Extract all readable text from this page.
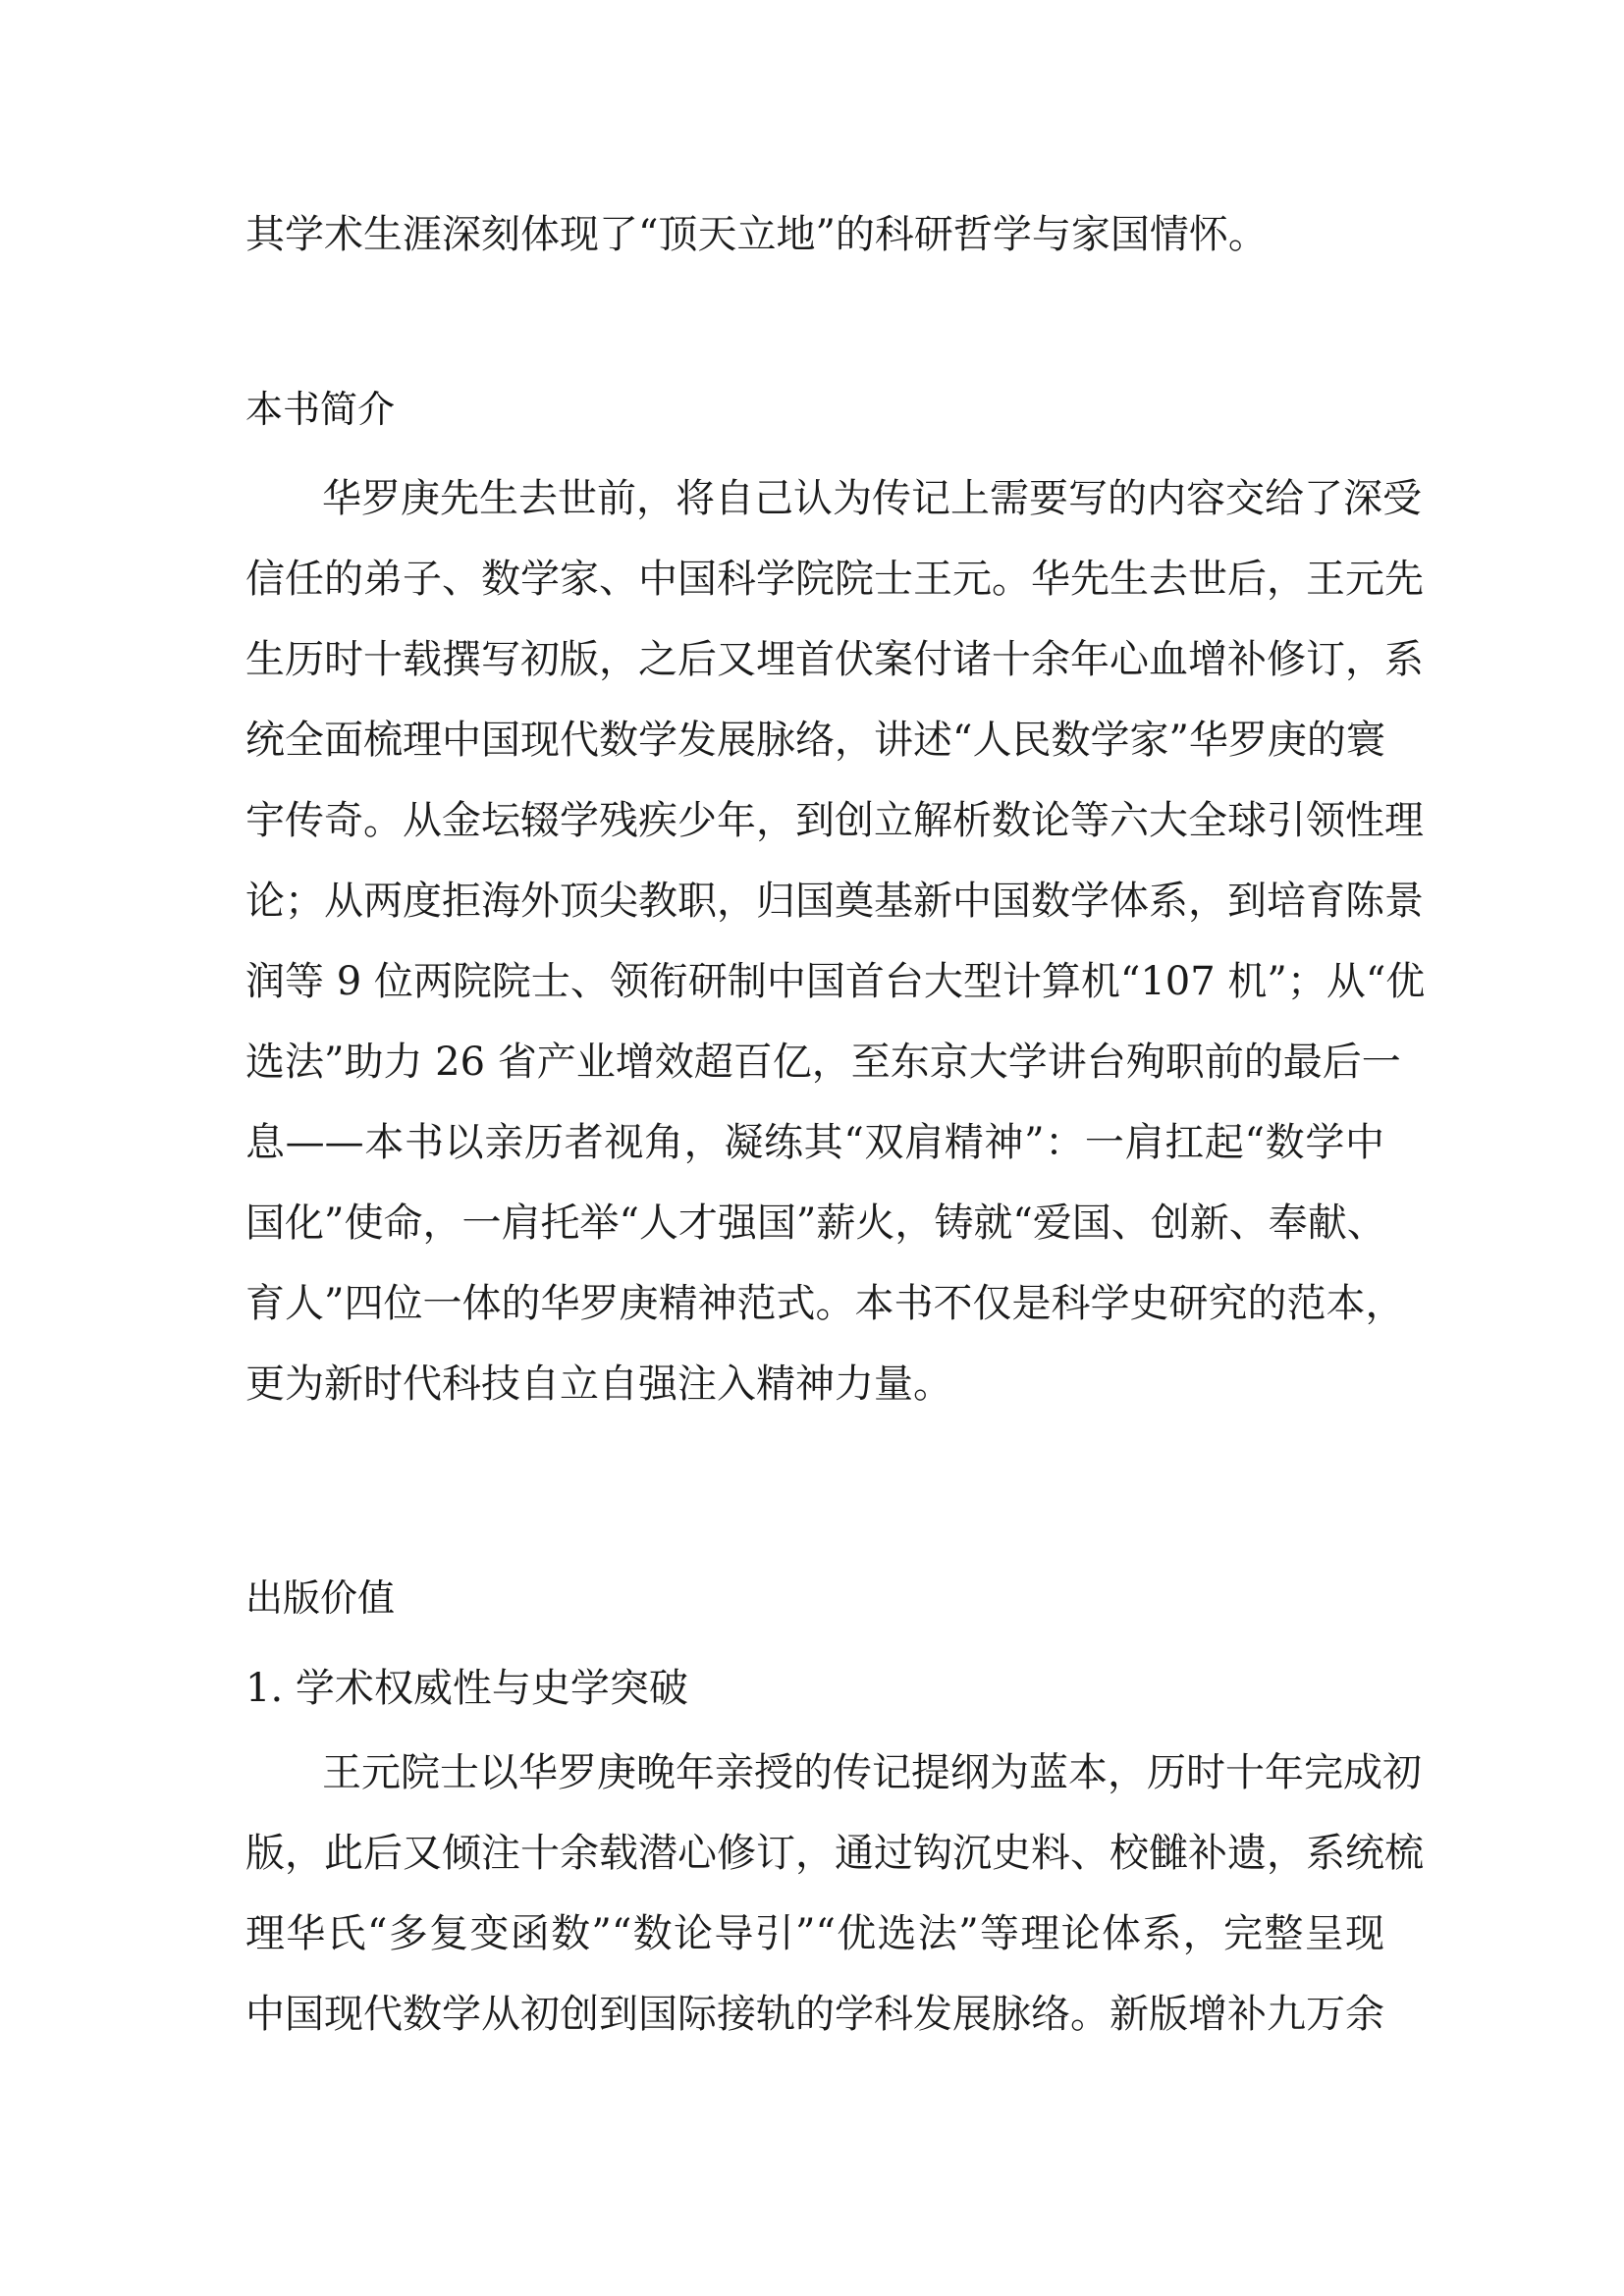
其学术生涯深刻体现了“顶天立地”的科研哲学与家国情怀。
本书简介
华罗庚先生去世前，将自己认为传记上需要写的内容交给了深受
信任的弟子、数学家、中国科学院院士王元。华先生去世后，王元先
生历时十载撰写初版，之后又埋首伏案付诸十余年心血增补修订，系
统全面梳理中国现代数学发展脉络，讲述“人民数学家”华罗庚的寰
宇传奇。从金坛辍学残疾少年，到创立解析数论等六大全球引领性理
论；从两度拒海外顶尖教职，归国奠基新中国数学体系，到培育陈景
润等 9 位两院院士、领衔研制中国首台大型计算机“107 机”；从“优
选法”助力 26 省产业增效超百亿，至东京大学讲台殉职前的最后一
息——本书以亲历者视角，凝练其“双肩精神”：一肩扛起“数学中
国化”使命，一肩托举“人才强国”薪火，铸就“爱国、创新、奉献、
育人”四位一体的华罗庚精神范式。本书不仅是科学史研究的范本，
更为新时代科技自立自强注入精神力量。
出版价值
1. 学术权威性与史学突破
王元院士以华罗庚晚年亲授的传记提纲为蓝本，历时十年完成初
版，此后又倾注十余载潜心修订，通过钩沉史料、校雠补遗，系统梳
理华氏“多复变函数”“数论导引”“优选法”等理论体系，完整呈现
中国现代数学从初创到国际接轨的学科发展脉络。新版增补九万余
